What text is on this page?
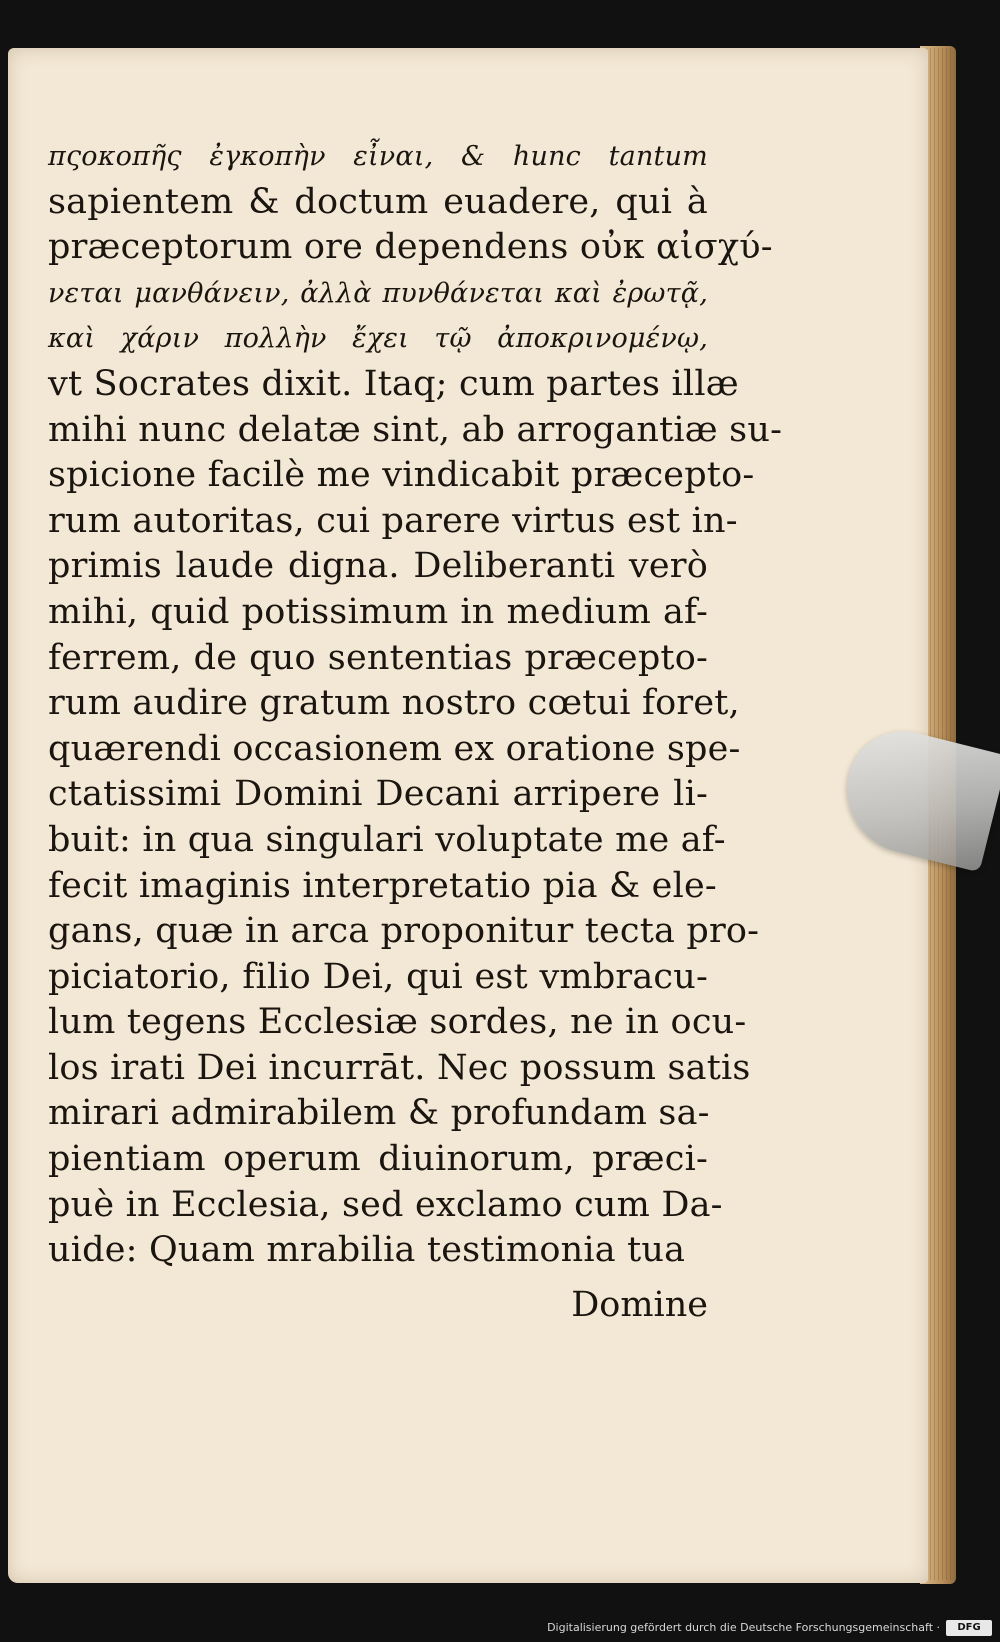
πςοκοπῆς ἐγκοπὴν εἶναι, & hunc tantum
sapientem & doctum euadere, qui à
præceptorum ore dependens οὐκ αἰσχύ-
νεται μανθάνειν, ἀλλὰ πυνθάνεται καὶ ἐρωτᾷ,
καὶ χάριν πολλὴν ἔχει τῷ ἀποκρινομένῳ,
vt Socrates dixit. Itaq; cum partes illæ
mihi nunc delatæ sint, ab arrogantiæ su-
spicione facilè me vindicabit præcepto-
rum autoritas, cui parere virtus est in-
primis laude digna. Deliberanti verò
mihi, quid potissimum in medium af-
ferrem, de quo sententias præcepto-
rum audire gratum nostro cœtui foret,
quærendi occasionem ex oratione spe-
ctatissimi Domini Decani arripere li-
buit: in qua singulari voluptate me af-
fecit imaginis interpretatio pia & ele-
gans, quæ in arca proponitur tecta pro-
piciatorio, filio Dei, qui est vmbracu-
lum tegens Ecclesiæ sordes, ne in ocu-
los irati Dei incurrāt. Nec possum satis
mirari admirabilem & profundam sa-
pientiam operum diuinorum, præci-
puè in Ecclesia, sed exclamo cum Da-
uide: Quam mrabilia testimonia tua
Domine
Digitalisierung gefördert durch die Deutsche Forschungsgemeinschaft ·	DFG
